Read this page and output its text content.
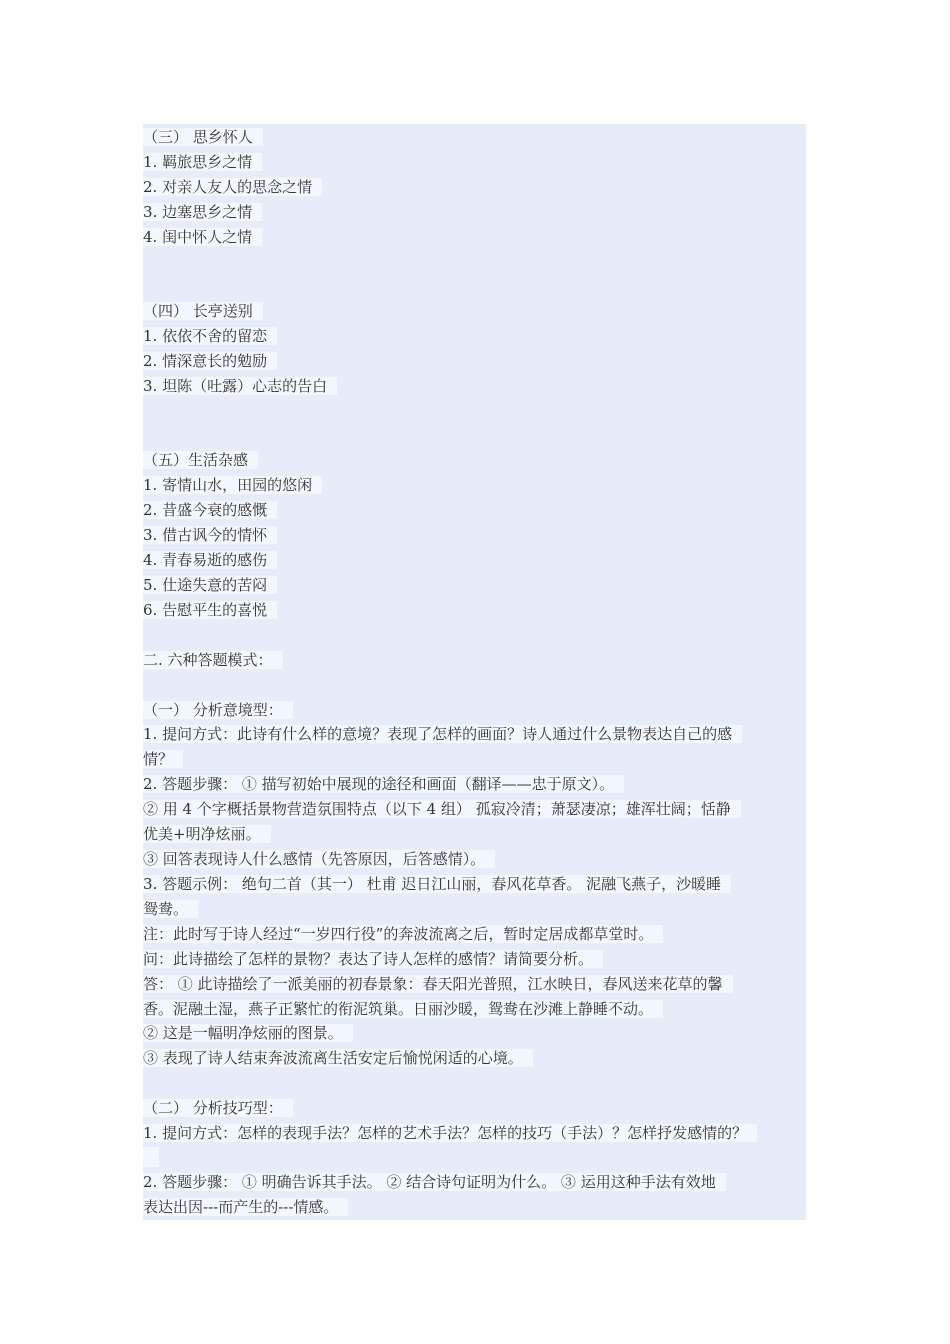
（三） 思乡怀人
1. 羁旅思乡之情
2. 对亲人友人的思念之情
3. 边塞思乡之情
4. 闺中怀人之情
（四） 长亭送别
1. 依依不舍的留恋
2. 情深意长的勉励
3. 坦陈（吐露）心志的告白
（五）生活杂感
1. 寄情山水，田园的悠闲
2. 昔盛今衰的感慨
3. 借古讽今的情怀
4. 青春易逝的感伤
5. 仕途失意的苦闷
6. 告慰平生的喜悦
二. 六种答题模式：
（一） 分析意境型：
1. 提问方式：此诗有什么样的意境？表现了怎样的画面？诗人通过什么景物表达自己的感
情？
2. 答题步骤： ① 描写初始中展现的途径和画面（翻译——忠于原文）。
② 用 4 个字概括景物营造氛围特点（以下 4 组） 孤寂冷清；萧瑟凄凉；雄浑壮阔；恬静
优美+明净炫丽。
③ 回答表现诗人什么感情（先答原因，后答感情）。
3. 答题示例： 绝句二首（其一） 杜甫 迟日江山丽，春风花草香。 泥融飞燕子，沙暖睡
鸳鸯。
注：此时写于诗人经过“一岁四行役”的奔波流离之后，暂时定居成都草堂时。
问：此诗描绘了怎样的景物？表达了诗人怎样的感情？请简要分析。
答： ① 此诗描绘了一派美丽的初春景象：春天阳光普照，江水映日，春风送来花草的馨
香。泥融土湿，燕子正繁忙的衔泥筑巢。日丽沙暖，鸳鸯在沙滩上静睡不动。
② 这是一幅明净炫丽的图景。
③ 表现了诗人结束奔波流离生活安定后愉悦闲适的心境。
（二） 分析技巧型：
1. 提问方式：怎样的表现手法？怎样的艺术手法？怎样的技巧（手法）？怎样抒发感情的？
2. 答题步骤： ① 明确告诉其手法。 ② 结合诗句证明为什么。 ③ 运用这种手法有效地
表达出因---而产生的---情感。
